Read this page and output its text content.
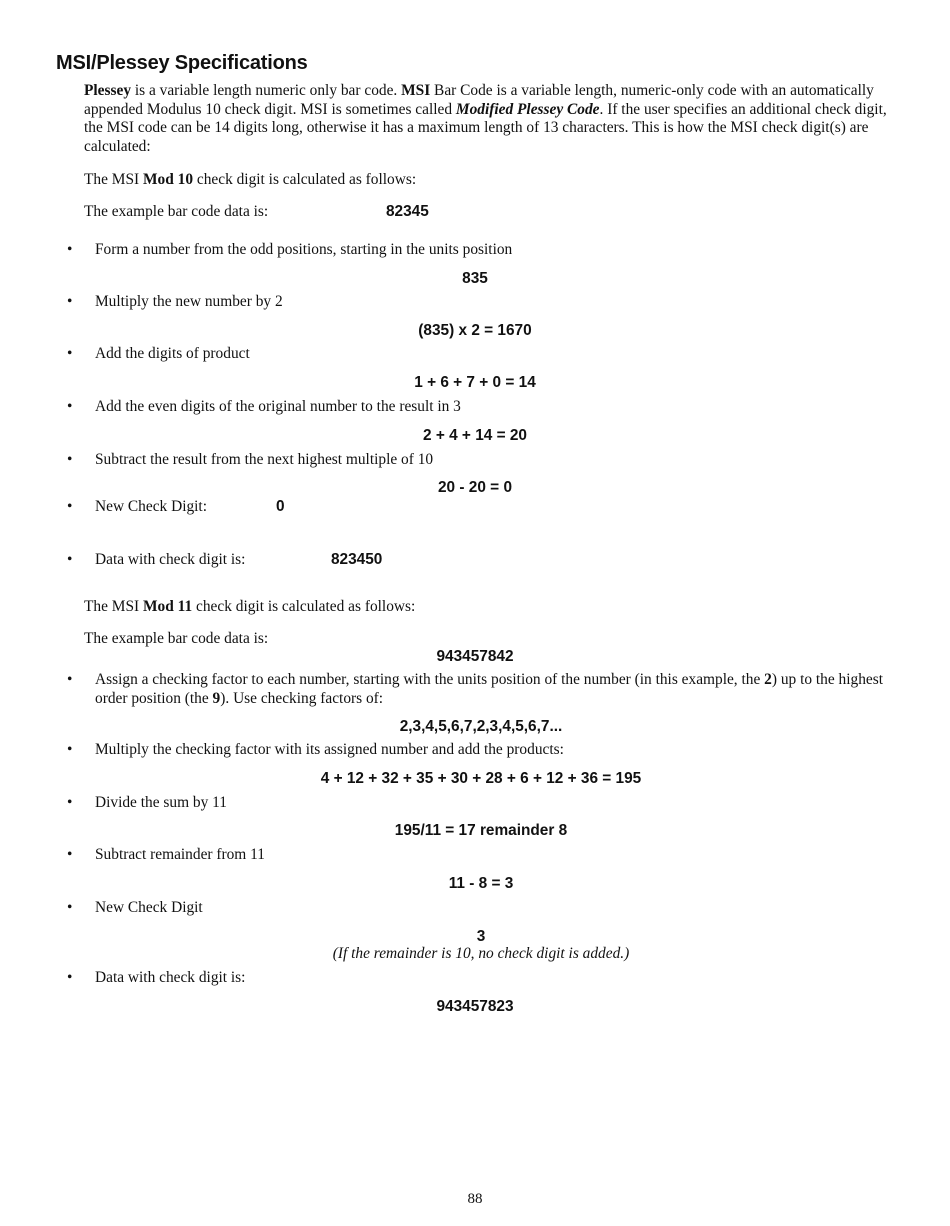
MSI/Plessey Specifications
Plessey is a variable length numeric only bar code. MSI Bar Code is a variable length, numeric-only code with an automatically appended Modulus 10 check digit. MSI is sometimes called Modified Plessey Code. If the user specifies an additional check digit, the MSI code can be 14 digits long, otherwise it has a maximum length of 13 characters. This is how the MSI check digit(s) are calculated:
The MSI Mod 10 check digit is calculated as follows:
The example bar code data is:	82345
• Form a number from the odd positions, starting in the units position
835
• Multiply the new number by 2
(835) x 2 = 1670
• Add the digits of product
1 + 6 + 7 + 0 = 14
• Add the even digits of the original number to the result in 3
2 + 4 + 14 = 20
• Subtract the result from the next highest multiple of 10
20 - 20 = 0
• New Check Digit:	0
• Data with check digit is:	823450
The MSI Mod 11 check digit is calculated as follows:
The example bar code data is:
943457842
• Assign a checking factor to each number, starting with the units position of the number (in this example, the 2) up to the highest order position (the 9). Use checking factors of:
2,3,4,5,6,7,2,3,4,5,6,7...
• Multiply the checking factor with its assigned number and add the products:
4 + 12 + 32 + 35 + 30 + 28 + 6 + 12 + 36 = 195
• Divide the sum by 11
195/11 = 17 remainder 8
• Subtract remainder from 11
11 - 8 = 3
• New Check Digit
3
(If the remainder is 10, no check digit is added.)
• Data with check digit is:
943457823
88
